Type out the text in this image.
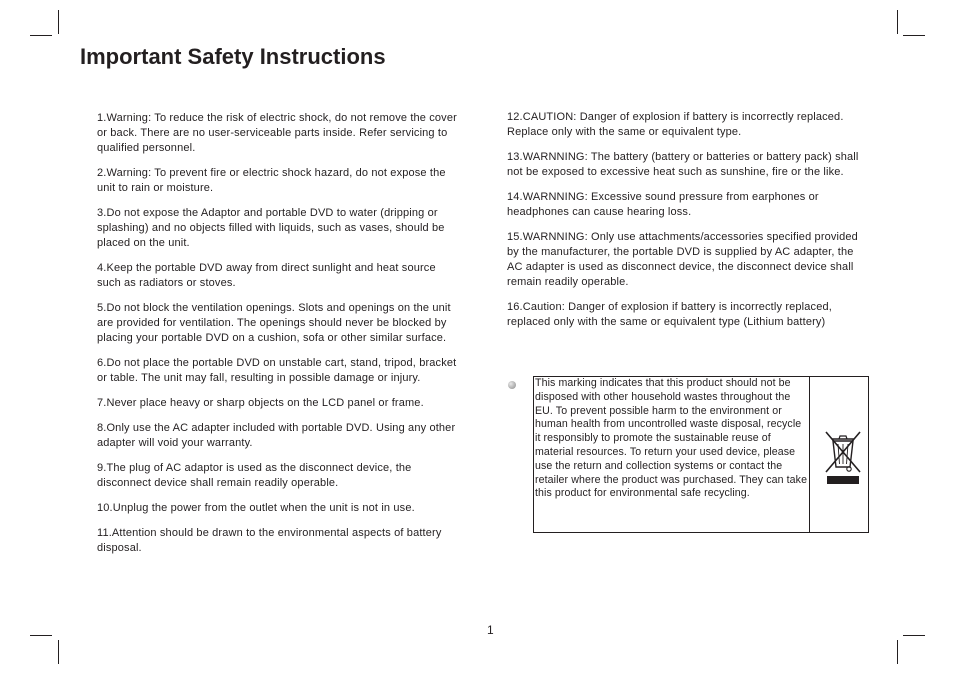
Important Safety Instructions

1.Warning: To reduce the risk of electric shock, do not remove the cover or back. There are no user-serviceable parts inside. Refer servicing to qualified personnel.

2.Warning: To prevent fire or electric shock hazard, do not expose the unit to rain or moisture.

3.Do not expose the Adaptor and portable DVD to water (dripping or splashing) and no objects filled with liquids, such as vases, should be placed on the unit.

4.Keep the portable DVD away from direct sunlight and heat source such as radiators or stoves.

5.Do not block the ventilation openings. Slots and openings on the unit are provided for ventilation. The openings should never be blocked by placing your portable DVD on a cushion, sofa or other similar surface.

6.Do not place the portable DVD on unstable cart, stand, tripod, bracket or table. The unit may fall, resulting in possible damage or injury.

7.Never place heavy or sharp objects on the LCD panel or frame.

8.Only use the AC adapter included with portable DVD. Using any other adapter will void your warranty.

9.The plug of AC adaptor is used as the disconnect device, the disconnect device shall remain readily operable.

10.Unplug the power from the outlet when the unit is not in use.

11.Attention should be drawn to the environmental aspects of battery disposal.

12.CAUTION: Danger of explosion if battery is incorrectly replaced. Replace only with the same or equivalent type.

13.WARNNING: The battery (battery or batteries or battery pack) shall not be exposed to excessive heat such as sunshine, fire or the like.

14.WARNNING: Excessive sound pressure from earphones or headphones can cause hearing loss.

15.WARNNING: Only use attachments/accessories specified provided by the manufacturer, the portable DVD is supplied by AC adapter, the AC adapter is used as disconnect device, the disconnect device shall remain readily operable.

16.Caution: Danger of explosion if battery is incorrectly replaced, replaced only with the same or equivalent type (Lithium battery)

This marking indicates that this product should not be disposed with other household wastes throughout the EU. To prevent possible harm to the environment or human health from uncontrolled waste disposal, recycle it responsibly to promote the sustainable reuse of material resources. To return your used device, please use the return and collection systems or contact the retailer where the product was purchased. They can take this product for environmental safe recycling.
1
